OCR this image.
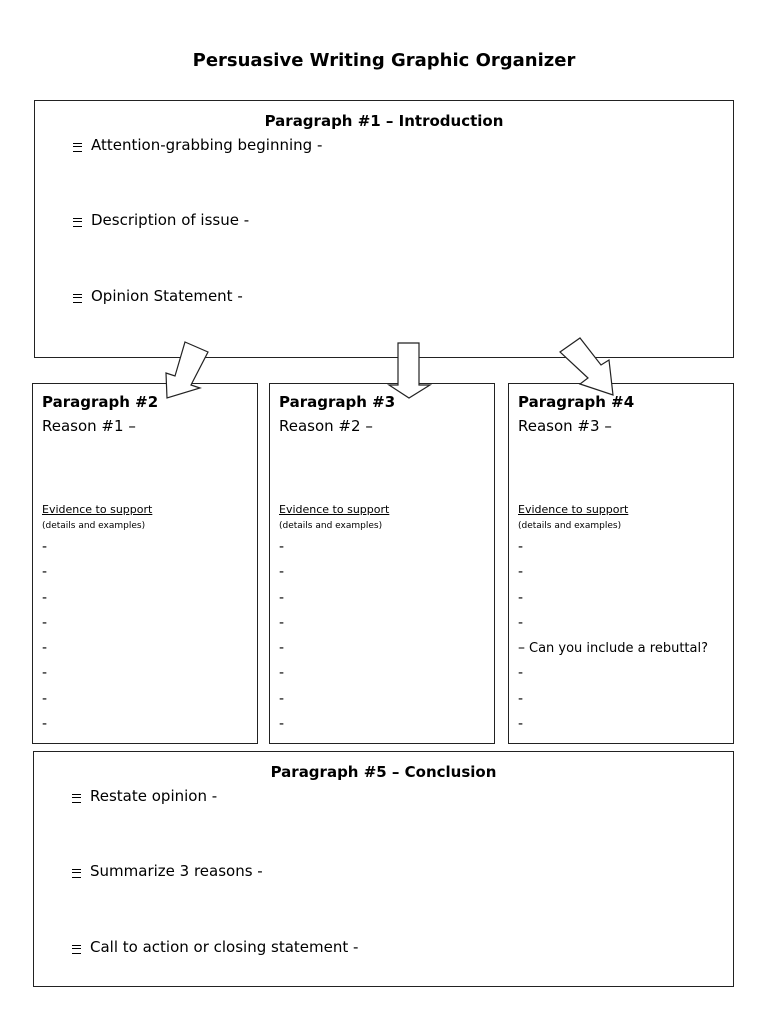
Persuasive Writing Graphic Organizer
Paragraph #1 – Introduction
Attention-grabbing beginning -
Description of issue -
Opinion Statement -
Paragraph #2
Reason #1 –
Evidence to support
(details and examples)
-
-
-
-
-
-
-
-
Paragraph #3
Reason #2 –
Evidence to support
(details and examples)
-
-
-
-
-
-
-
-
Paragraph #4
Reason #3 –
Evidence to support
(details and examples)
-
-
-
-
– Can you include a rebuttal?
-
-
-
Paragraph #5 – Conclusion
Restate opinion -
Summarize 3 reasons -
Call to action or closing statement -
